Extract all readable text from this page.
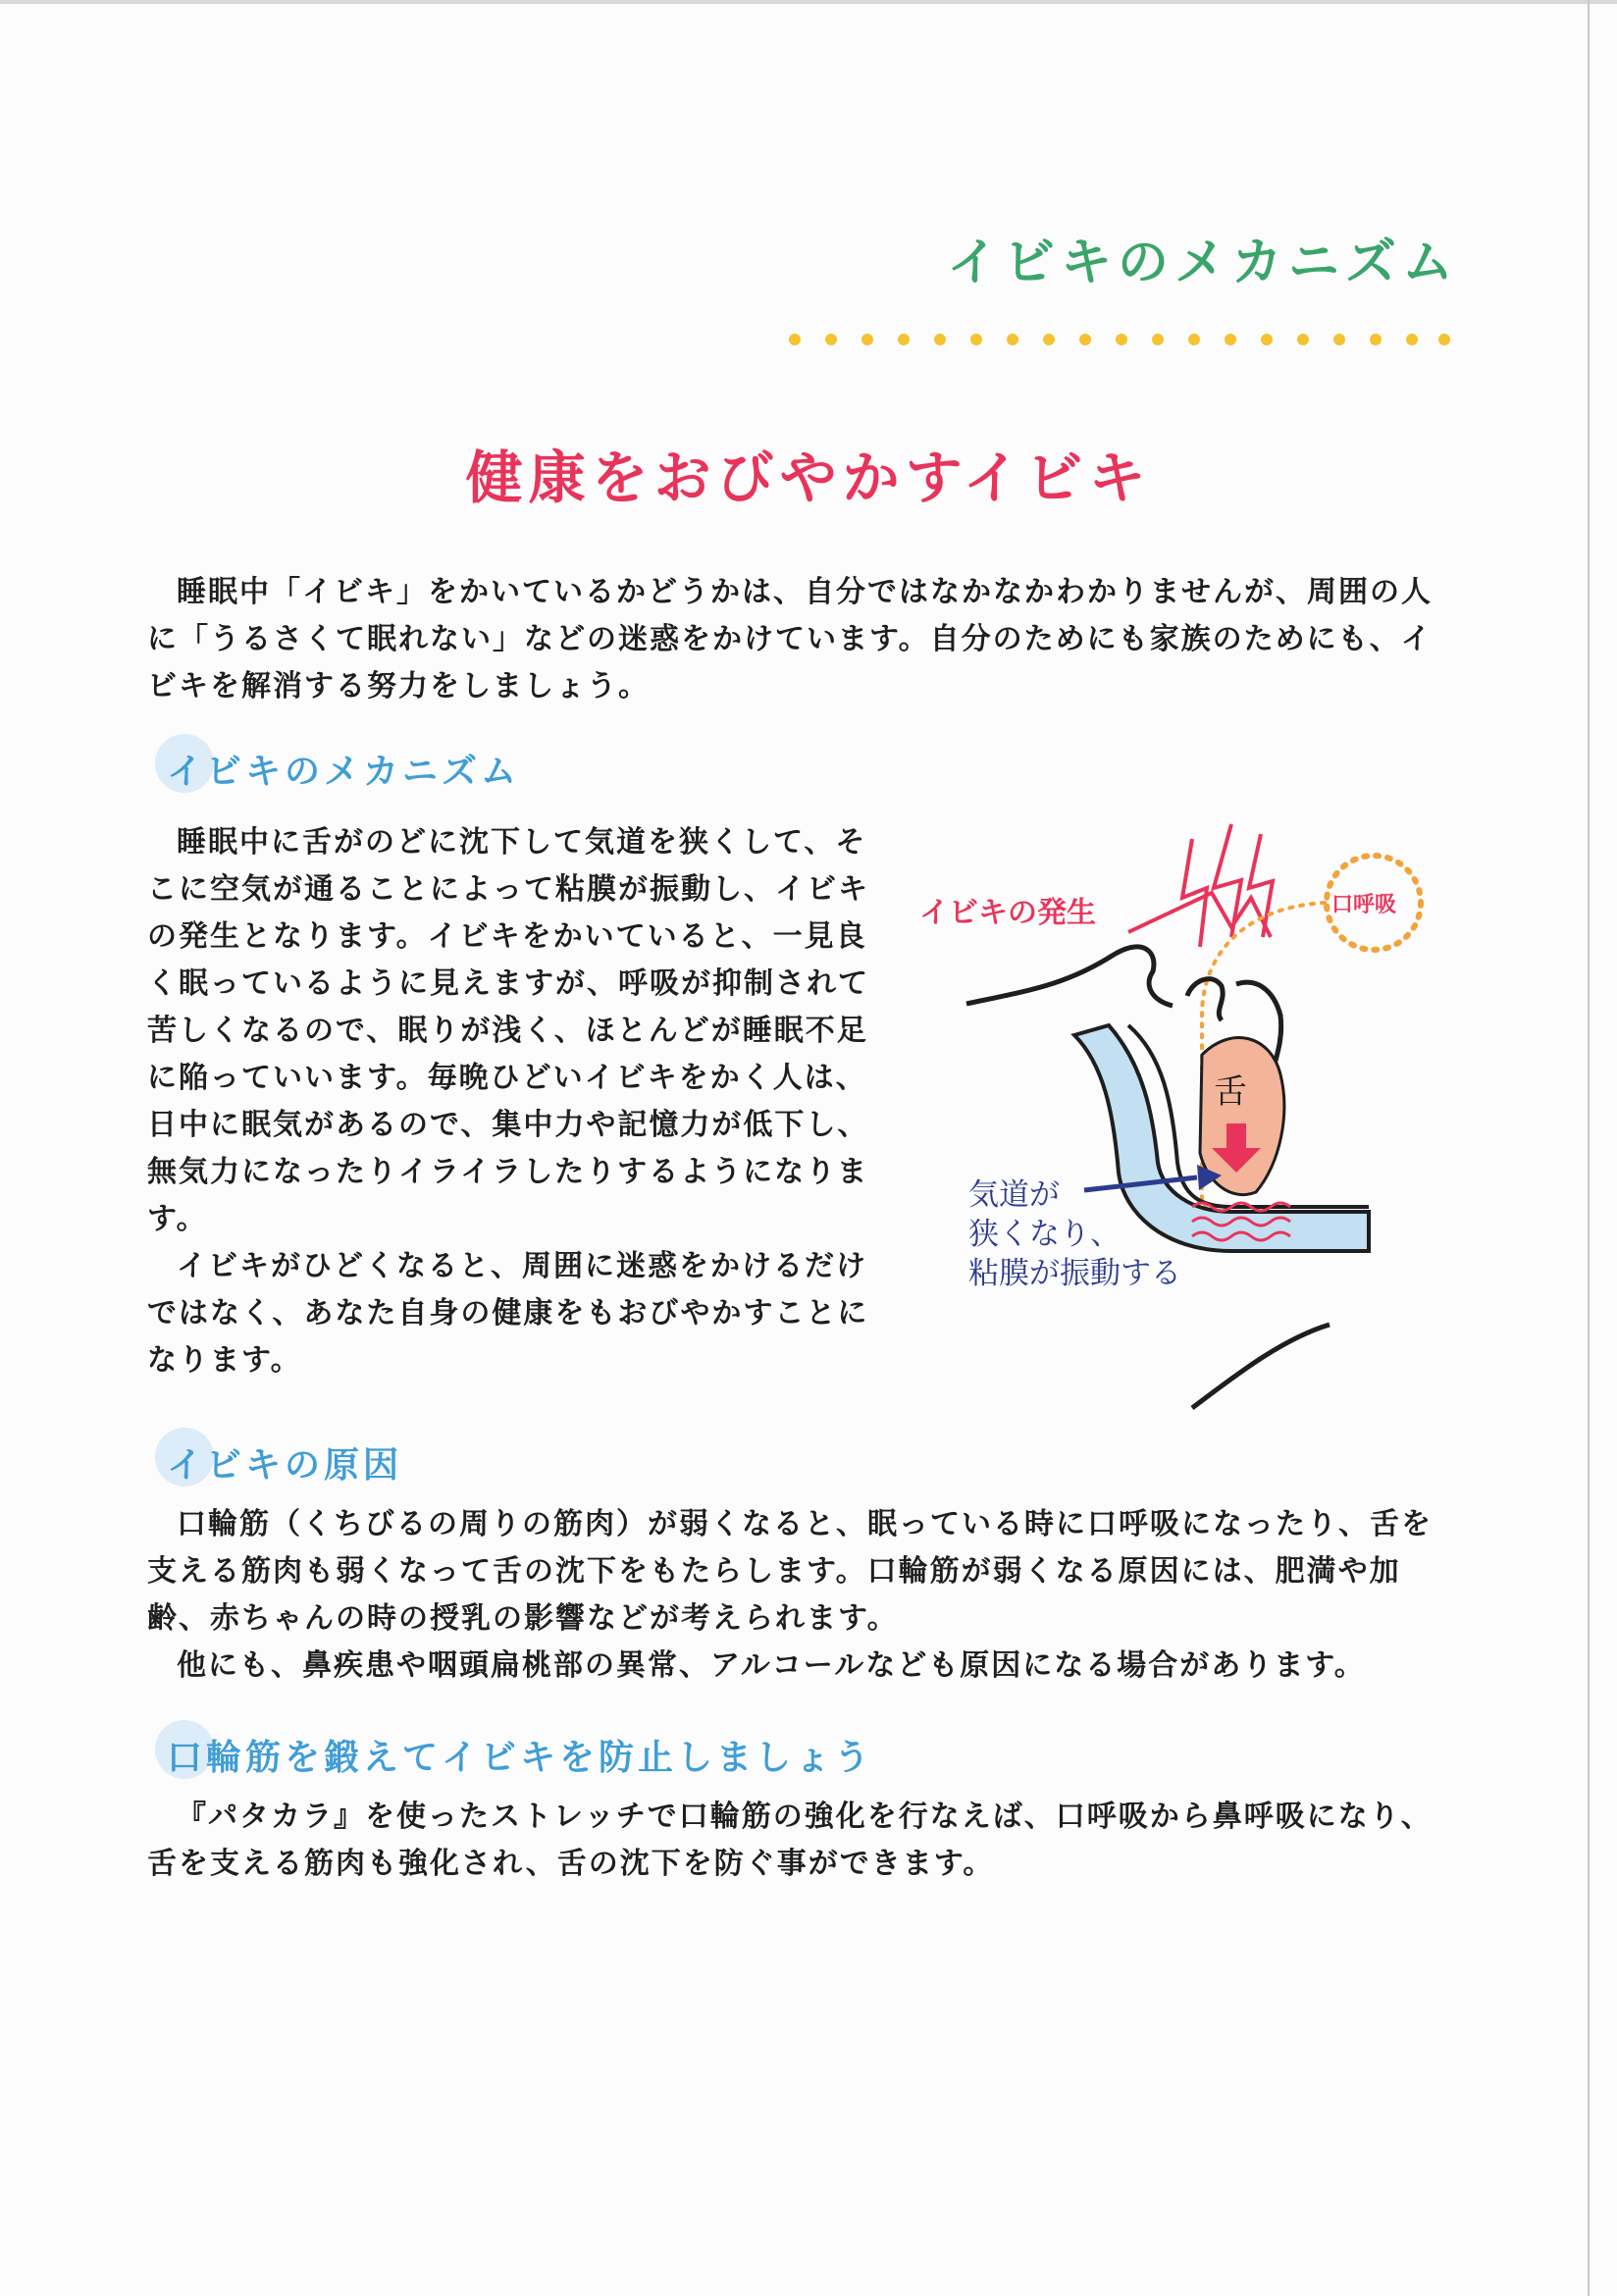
イビキのメカニズム
健康をおびやかすイビキ

睡眠中「イビキ」をかいているかどうかは、自分ではなかなかわかりませんが、周囲の人に「うるさくて眠れない」などの迷惑をかけています。自分のためにも家族のためにも、イビキを解消する努力をしましょう。

イビキのメカニズム

睡眠中に舌がのどに沈下して気道を狭くして、そこに空気が通ることによって粘膜が振動し、イビキの発生となります。イビキをかいていると、一見良く眠っているように見えますが、呼吸が抑制されて苦しくなるので、眠りが浅く、ほとんどが睡眠不足に陥っていいます。毎晩ひどいイビキをかく人は、日中に眠気があるので、集中力や記憶力が低下し、無気力になったりイライラしたりするようになります。

イビキがひどくなると、周囲に迷惑をかけるだけではなく、あなた自身の健康をもおびやかすことになります。

イビキの発生	口呼吸
舌
気道が
狭くなり、
粘膜が振動する
イビキの原因

口輪筋（くちびるの周りの筋肉）が弱くなると、眠っている時に口呼吸になったり、舌を支える筋肉も弱くなって舌の沈下をもたらします。口輪筋が弱くなる原因には、肥満や加齢、赤ちゃんの時の授乳の影響などが考えられます。

他にも、鼻疾患や咽頭扁桃部の異常、アルコールなども原因になる場合があります。

口輪筋を鍛えてイビキを防止しましょう

『パタカラ』を使ったストレッチで口輪筋の強化を行なえば、口呼吸から鼻呼吸になり、舌を支える筋肉も強化され、舌の沈下を防ぐ事ができます。
